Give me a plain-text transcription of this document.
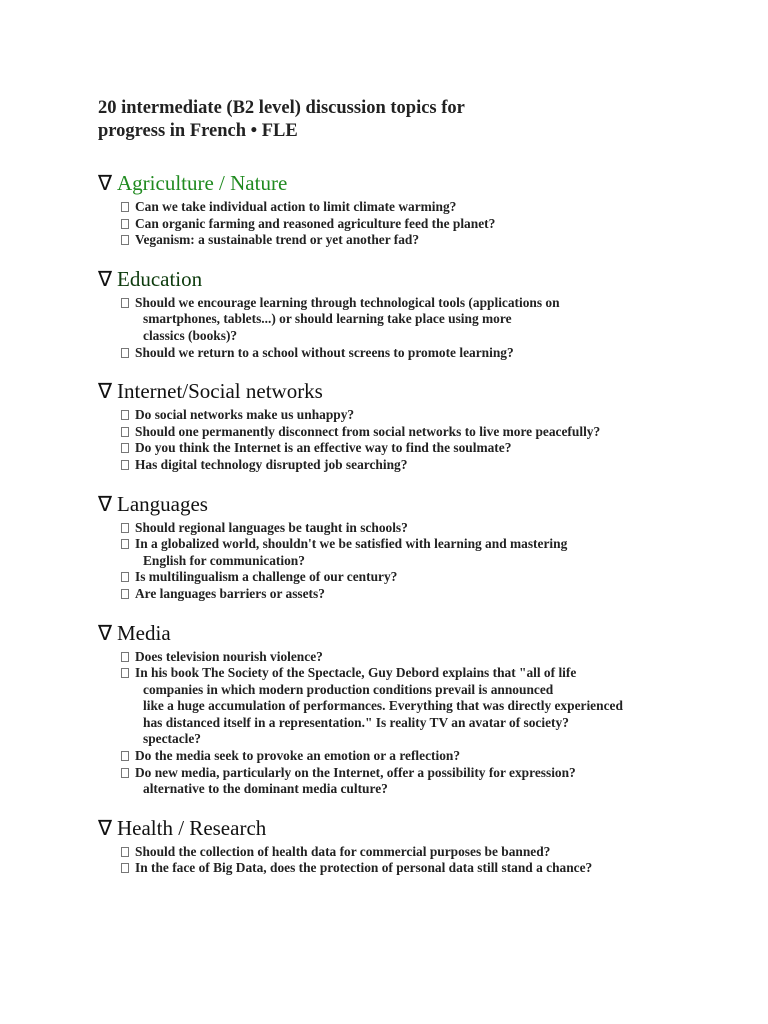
20 intermediate (B2 level) discussion topics for
progress in French • FLE
∇ Agriculture / Nature
Can we take individual action to limit climate warming?
Can organic farming and reasoned agriculture feed the planet?
Veganism: a sustainable trend or yet another fad?
∇ Education
Should we encourage learning through technological tools (applications on
smartphones, tablets...) or should learning take place using more
classics (books)?
Should we return to a school without screens to promote learning?
∇ Internet/Social networks
Do social networks make us unhappy?
Should one permanently disconnect from social networks to live more peacefully?
Do you think the Internet is an effective way to find the soulmate?
Has digital technology disrupted job searching?
∇ Languages
Should regional languages be taught in schools?
In a globalized world, shouldn't we be satisfied with learning and mastering
English for communication?
Is multilingualism a challenge of our century?
Are languages barriers or assets?
∇ Media
Does television nourish violence?
In his book The Society of the Spectacle, Guy Debord explains that "all of life
companies in which modern production conditions prevail is announced
like a huge accumulation of performances. Everything that was directly experienced
has distanced itself in a representation." Is reality TV an avatar of society?
spectacle?
Do the media seek to provoke an emotion or a reflection?
Do new media, particularly on the Internet, offer a possibility for expression?
alternative to the dominant media culture?
∇ Health / Research
Should the collection of health data for commercial purposes be banned?
In the face of Big Data, does the protection of personal data still stand a chance?
